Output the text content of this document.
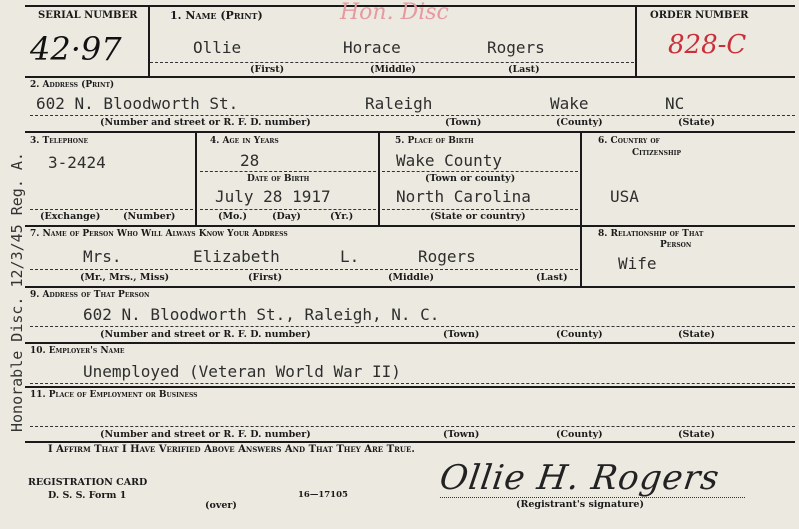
SERIAL NUMBER
42·97
1. Name (Print)	Hon. Disc	ORDER NUMBER
828-C
Ollie	Horace	Rogers
(First)	(Middle)	(Last)
2. Address (Print)
602 N. Bloodworth St.	Raleigh	Wake	NC
(Number and street or R. F. D. number)	(Town)	(County)	(State)
3. Telephone
3-2424
(Exchange) (Number)
4. Age in Years
28
Date of Birth
July 28 1917
(Mo.)	(Day)	(Yr.)
5. Place of Birth
Wake County
(Town or county)
North Carolina
(State or country)
6. Country of
Citizenship
USA
7. Name of Person Who Will Always Know Your Address
Mrs.	Elizabeth	L.	Rogers
(Mr., Mrs., Miss)	(First)	(Middle)	(Last)
8. Relationship of That
Person
Wife
9. Address of That Person
602 N. Bloodworth St., Raleigh, N. C.
(Number and street or R. F. D. number)	(Town)	(County)	(State)
10. Employer's Name
Unemployed (Veteran World War II)
11. Place of Employment or Business
(Number and street or R. F. D. number)	(Town)	(County)	(State)
I Affirm That I Have Verified Above Answers And That They Are True.
REGISTRATION CARD
D. S. S. Form 1
(over)
16—17105
(Registrant's signature)
Ollie H. Rogers
Honorable Disc. 12/3/45 Reg. A.
